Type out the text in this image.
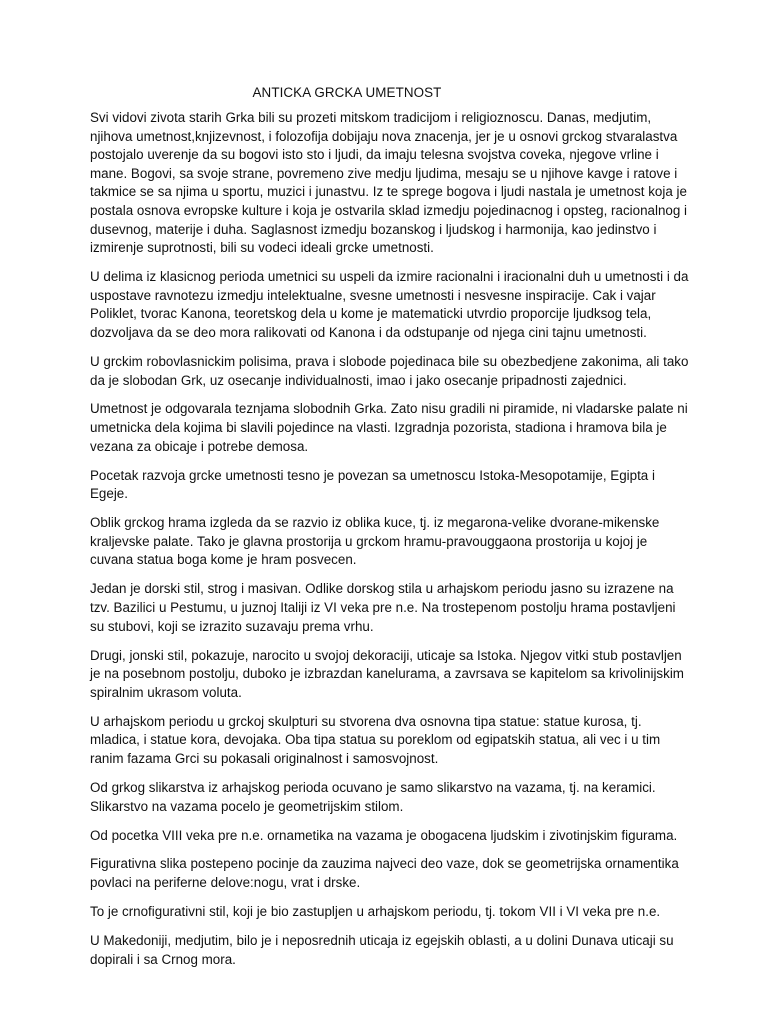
ANTICKA GRCKA UMETNOST

Svi vidovi zivota starih Grka bili su prozeti mitskom tradicijom i religioznoscu. Danas, medjutim, njihova umetnost,knjizevnost, i folozofija dobijaju nova znacenja, jer je u osnovi grckog stvaralastva postojalo uverenje da su bogovi isto sto i ljudi, da imaju telesna svojstva coveka, njegove vrline i mane. Bogovi, sa svoje strane, povremeno zive medju ljudima, mesaju se u njihove kavge i ratove i takmice se sa njima u sportu, muzici i junastvu. Iz te sprege bogova i ljudi nastala je umetnost koja je postala osnova evropske kulture i koja je ostvarila sklad izmedju pojedinacnog i opsteg, racionalnog i dusevnog, materije i duha. Saglasnost izmedju bozanskog i ljudskog i harmonija, kao jedinstvo i izmirenje suprotnosti, bili su vodeci ideali grcke umetnosti.

U delima iz klasicnog perioda umetnici su uspeli da izmire racionalni i iracionalni duh u umetnosti i da uspostave ravnotezu izmedju intelektualne, svesne umetnosti i nesvesne inspiracije. Cak i vajar Poliklet, tvorac Kanona, teoretskog dela u kome je matematicki utvrdio proporcije ljudksog tela, dozvoljava da se deo mora ralikovati od Kanona i da odstupanje od njega cini tajnu umetnosti.

U grckim robovlasnickim polisima, prava i slobode pojedinaca bile su obezbedjene zakonima, ali tako da je slobodan Grk, uz osecanje individualnosti, imao i jako osecanje pripadnosti zajednici.

Umetnost je odgovarala teznjama slobodnih Grka. Zato nisu gradili ni piramide, ni vladarske palate ni umetnicka dela kojima bi slavili pojedince na vlasti. Izgradnja pozorista, stadiona i hramova bila je vezana za obicaje i potrebe demosa.

Pocetak razvoja grcke umetnosti tesno je povezan sa umetnoscu Istoka-Mesopotamije, Egipta i Egeje.

Oblik grckog hrama izgleda da se razvio iz oblika kuce, tj. iz megarona-velike dvorane-mikenske kraljevske palate. Tako je glavna prostorija u grckom hramu-pravouggaona prostorija u kojoj je cuvana statua boga kome je hram posvecen.

Jedan je dorski stil, strog i masivan. Odlike dorskog stila u arhajskom periodu jasno su izrazene na tzv. Bazilici u Pestumu, u juznoj Italiji iz VI veka pre n.e. Na trostepenom postolju hrama postavljeni su stubovi, koji se izrazito suzavaju prema vrhu.

Drugi, jonski stil, pokazuje, narocito u svojoj dekoraciji, uticaje sa Istoka. Njegov vitki stub postavljen je na posebnom postolju, duboko je izbrazdan kanelurama, a zavrsava se kapitelom sa krivolinijskim spiralnim ukrasom voluta.

U arhajskom periodu u grckoj skulpturi su stvorena dva osnovna tipa statue: statue kurosa, tj. mladica, i statue kora, devojaka. Oba tipa statua su poreklom od egipatskih statua, ali vec i u tim ranim fazama Grci su pokasali originalnost i samosvojnost.

Od grkog slikarstva iz arhajskog perioda ocuvano je samo slikarstvo na vazama, tj. na keramici. Slikarstvo na vazama pocelo je geometrijskim stilom.

Od pocetka VIII veka pre n.e. ornametika na vazama je obogacena ljudskim i zivotinjskim figurama.

Figurativna slika postepeno pocinje da zauzima najveci deo vaze, dok se geometrijska ornamentika povlaci na periferne delove:nogu, vrat i drske.

To je crnofigurativni stil, koji je bio zastupljen u arhajskom periodu, tj. tokom VII i VI veka pre n.e.

U Makedoniji, medjutim, bilo je i neposrednih uticaja iz egejskih oblasti, a u dolini Dunava uticaji su dopirali i sa Crnog mora.
